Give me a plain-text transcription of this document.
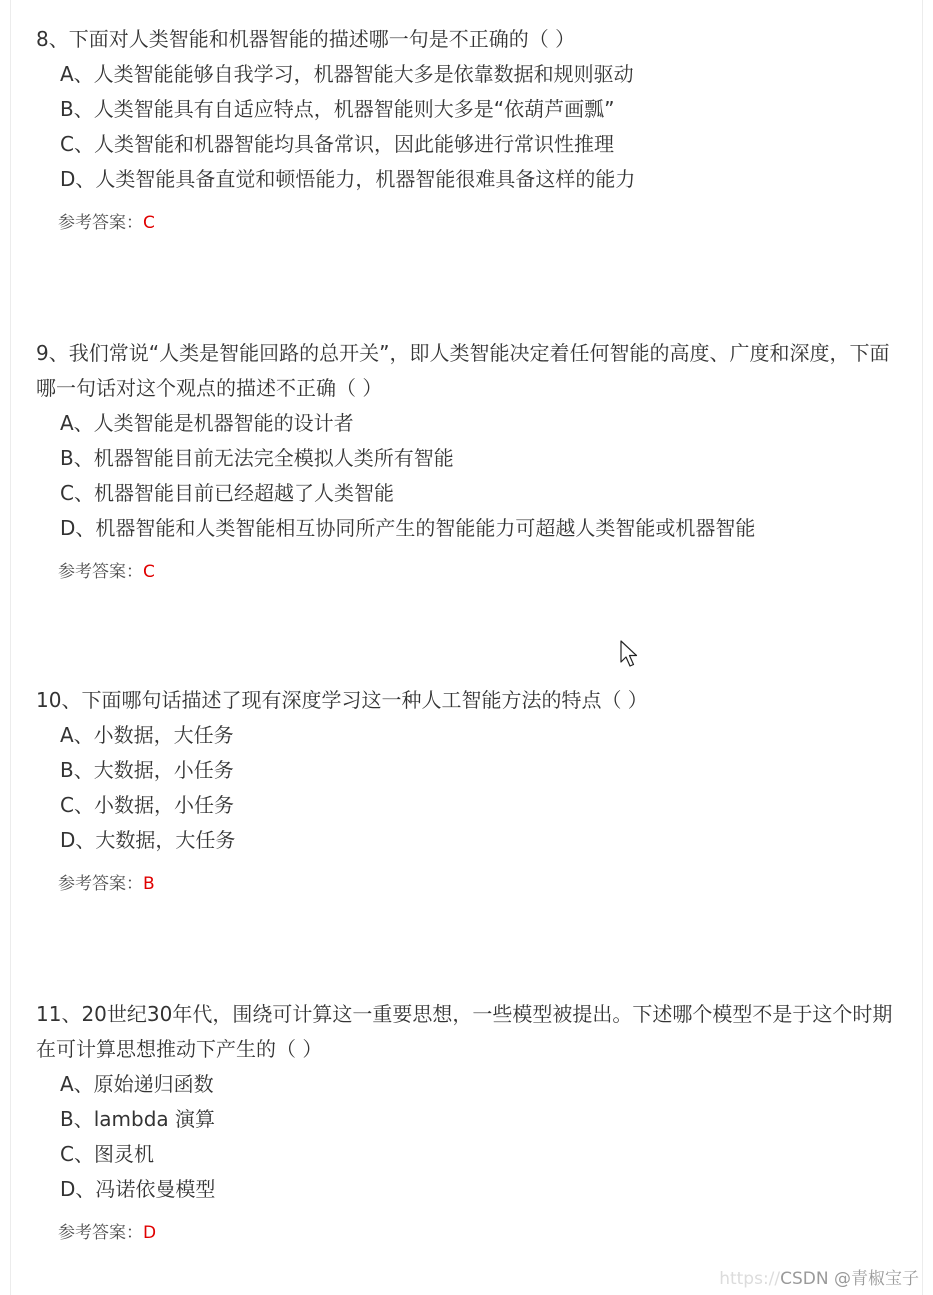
8、下面对人类智能和机器智能的描述哪一句是不正确的（ ）

A、人类智能能够自我学习，机器智能大多是依靠数据和规则驱动
B、人类智能具有自适应特点，机器智能则大多是“依葫芦画瓢”
C、人类智能和机器智能均具备常识，因此能够进行常识性推理
D、人类智能具备直觉和顿悟能力，机器智能很难具备这样的能力
参考答案：C

9、我们常说“人类是智能回路的总开关”，即人类智能决定着任何智能的高度、广度和深度，下面哪一句话对这个观点的描述不正确（ ）

A、人类智能是机器智能的设计者
B、机器智能目前无法完全模拟人类所有智能
C、机器智能目前已经超越了人类智能
D、机器智能和人类智能相互协同所产生的智能能力可超越人类智能或机器智能
参考答案：C

10、下面哪句话描述了现有深度学习这一种人工智能方法的特点（ ）

A、小数据，大任务
B、大数据，小任务
C、小数据，小任务
D、大数据，大任务
参考答案：B

11、20世纪30年代，围绕可计算这一重要思想，一些模型被提出。下述哪个模型不是于这个时期在可计算思想推动下产生的（ ）

A、原始递归函数
B、lambda 演算
C、图灵机
D、冯诺依曼模型
参考答案：D
https://CSDN @青椒宝子
